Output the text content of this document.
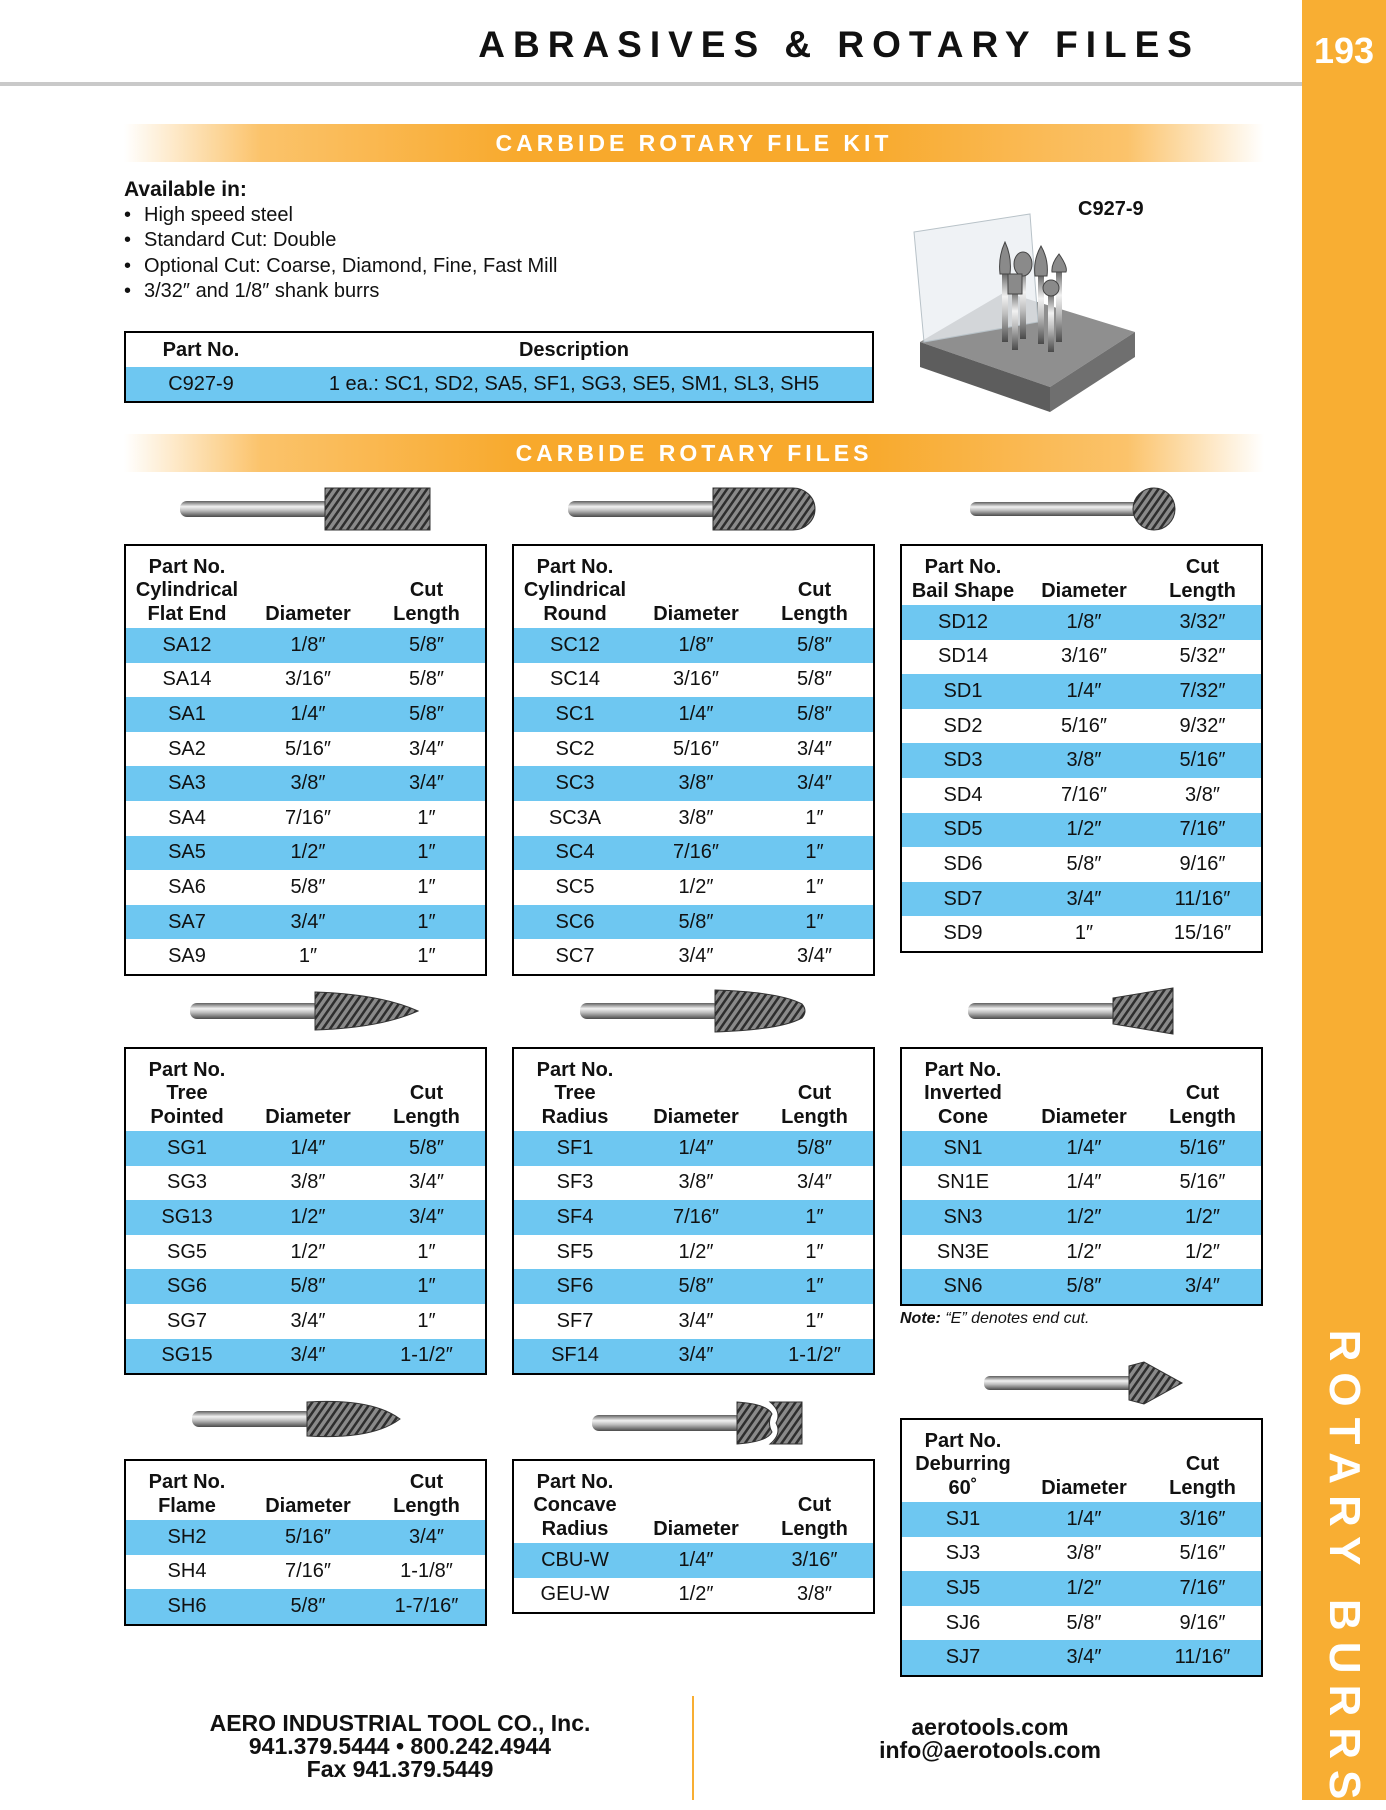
ABRASIVES & ROTARY FILES	193
ROTARY BURRS
CARBIDE ROTARY FILE KIT
Available in:
• High speed steel
• Standard Cut: Double
• Optional Cut: Coarse, Diamond, Fine, Fast Mill
• 3/32″ and 1/8″ shank burrs
C927-9
Part No.	Description
C927-9	1 ea.: SC1, SD2, SA5, SF1, SG3, SE5, SM1, SL3, SH5
CARBIDE ROTARY FILES
Part No.
Cylindrical
Flat End	Diameter
Cut
Length
SA12	1/8″	5/8″
SA14	3/16″	5/8″
SA1	1/4″	5/8″
SA2	5/16″	3/4″
SA3	3/8″	3/4″
SA4	7/16″	1″
SA5	1/2″	1″
SA6	5/8″	1″
SA7	3/4″	1″
SA9	1″	1″
Part No.
Cylindrical
Round	Diameter
Cut
Length
SC12	1/8″	5/8″
SC14	3/16″	5/8″
SC1	1/4″	5/8″
SC2	5/16″	3/4″
SC3	3/8″	3/4″
SC3A	3/8″	1″
SC4	7/16″	1″
SC5	1/2″	1″
SC6	5/8″	1″
SC7	3/4″	3/4″
Part No.
Bail Shape	Diameter
Cut
Length
SD12	1/8″	3/32″
SD14	3/16″	5/32″
SD1	1/4″	7/32″
SD2	5/16″	9/32″
SD3	3/8″	5/16″
SD4	7/16″	3/8″
SD5	1/2″	7/16″
SD6	5/8″	9/16″
SD7	3/4″	11/16″
SD9	1″	15/16″
Part No.
Tree
Pointed	Diameter
Cut
Length
SG1	1/4″	5/8″
SG3	3/8″	3/4″
SG13	1/2″	3/4″
SG5	1/2″	1″
SG6	5/8″	1″
SG7	3/4″	1″
SG15	3/4″	1-1/2″
Part No.
Tree
Radius	Diameter
Cut
Length
SF1	1/4″	5/8″
SF3	3/8″	3/4″
SF4	7/16″	1″
SF5	1/2″	1″
SF6	5/8″	1″
SF7	3/4″	1″
SF14	3/4″	1-1/2″
Part No.
Inverted
Cone	Diameter
Cut
Length
SN1	1/4″	5/16″
SN1E	1/4″	5/16″
SN3	1/2″	1/2″
SN3E	1/2″	1/2″
SN6	5/8″	3/4″
Note: “E” denotes end cut.
Part No.
Flame	Diameter
Cut
Length
SH2	5/16″	3/4″
SH4	7/16″	1-1/8″
SH6	5/8″	1-7/16″
Part No.
Concave
Radius	Diameter
Cut
Length
CBU-W	1/4″	3/16″
GEU-W	1/2″	3/8″
Part No.
Deburring
60˚	Diameter
Cut
Length
SJ1	1/4″	3/16″
SJ3	3/8″	5/16″
SJ5	1/2″	7/16″
SJ6	5/8″	9/16″
SJ7	3/4″	11/16″
AERO INDUSTRIAL TOOL CO., Inc.
941.379.5444 • 800.242.4944
Fax 941.379.5449
aerotools.com
info@aerotools.com
